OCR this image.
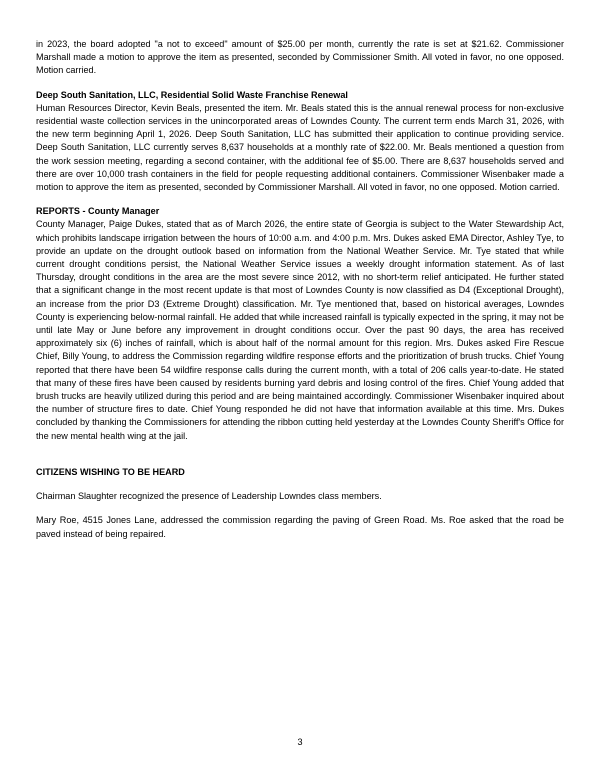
in 2023, the board adopted "a not to exceed" amount of $25.00 per month, currently the rate is set at $21.62. Commissioner Marshall made a motion to approve the item as presented, seconded by Commissioner Smith. All voted in favor, no one opposed. Motion carried.

Deep South Sanitation, LLC, Residential Solid Waste Franchise Renewal

Human Resources Director, Kevin Beals, presented the item. Mr. Beals stated this is the annual renewal process for non-exclusive residential waste collection services in the unincorporated areas of Lowndes County. The current term ends March 31, 2026, with the new term beginning April 1, 2026. Deep South Sanitation, LLC has submitted their application to continue providing service. Deep South Sanitation, LLC currently serves 8,637 households at a monthly rate of $22.00. Mr. Beals mentioned a question from the work session meeting, regarding a second container, with the additional fee of $5.00. There are 8,637 households served and there are over 10,000 trash containers in the field for people requesting additional containers. Commissioner Wisenbaker made a motion to approve the item as presented, seconded by Commissioner Marshall. All voted in favor, no one opposed. Motion carried.

REPORTS - County Manager

County Manager, Paige Dukes, stated that as of March 2026, the entire state of Georgia is subject to the Water Stewardship Act, which prohibits landscape irrigation between the hours of 10:00 a.m. and 4:00 p.m. Mrs. Dukes asked EMA Director, Ashley Tye, to provide an update on the drought outlook based on information from the National Weather Service. Mr. Tye stated that while current drought conditions persist, the National Weather Service issues a weekly drought information statement. As of last Thursday, drought conditions in the area are the most severe since 2012, with no short-term relief anticipated. He further stated that a significant change in the most recent update is that most of Lowndes County is now classified as D4 (Exceptional Drought), an increase from the prior D3 (Extreme Drought) classification. Mr. Tye mentioned that, based on historical averages, Lowndes County is experiencing below-normal rainfall. He added that while increased rainfall is typically expected in the spring, it may not be until late May or June before any improvement in drought conditions occur. Over the past 90 days, the area has received approximately six (6) inches of rainfall, which is about half of the normal amount for this region. Mrs. Dukes asked Fire Rescue Chief, Billy Young, to address the Commission regarding wildfire response efforts and the prioritization of brush trucks. Chief Young reported that there have been 54 wildfire response calls during the current month, with a total of 206 calls year-to-date. He stated that many of these fires have been caused by residents burning yard debris and losing control of the fires. Chief Young added that brush trucks are heavily utilized during this period and are being maintained accordingly. Commissioner Wisenbaker inquired about the number of structure fires to date. Chief Young responded he did not have that information available at this time. Mrs. Dukes concluded by thanking the Commissioners for attending the ribbon cutting held yesterday at the Lowndes County Sheriff's Office for the new mental health wing at the jail.

CITIZENS WISHING TO BE HEARD

Chairman Slaughter recognized the presence of Leadership Lowndes class members.

Mary Roe, 4515 Jones Lane, addressed the commission regarding the paving of Green Road. Ms. Roe asked that the road be paved instead of being repaired.

3
